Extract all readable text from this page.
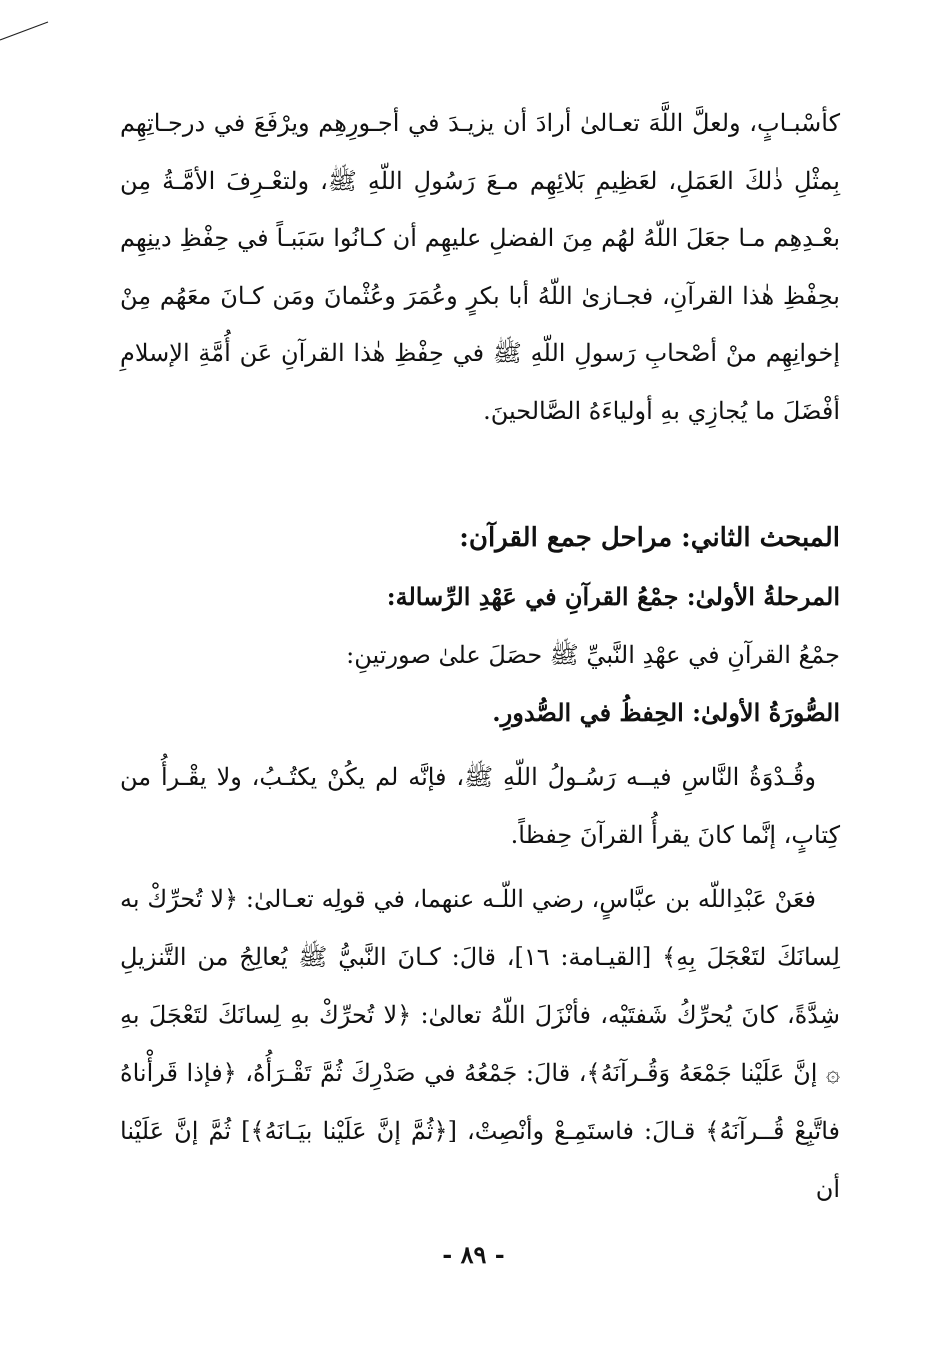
كأسْبـابٍ، ولعلَّ اللَّهَ تعـالىٰ أرادَ أن يزيـدَ في أجـورِهِم ويرْفَعَ في درجـاتِهِم بِمثْلِ ذٰلكَ العَمَلِ، لعَظِيمِ بَلائِهِم مـعَ رَسُولِ اللّهِ ﷺ، ولتعْـرِفَ الأمَّـةُ مِن بعْـدِهِم مـا جعَلَ اللّهُ لهُم مِنَ الفضلِ عليهِم أن كـانُوا سَبَبـاً في حِفْظِ دينِهِم بحِفْظِ هٰذا القرآنِ، فجـازىٰ اللّهُ أبا بكرٍ وعُمَرَ وعُثْمانَ ومَن كـانَ معَهُم مِنْ إخوانِهِم منْ أصْحابِ رَسولِ اللّهِ ﷺ في حِفْظِ هٰذا القرآنِ عَن أُمَّةِ الإسلامِ أفْضَلَ ما يُجازِي بهِ أولياءَهُ الصَّالحينَ.

المبحث الثاني: مراحل جمع القرآن:

المرحلةُ الأولىٰ: جمْعُ القرآنِ في عَهْدِ الرِّسالة:

جمْعُ القرآنِ في عهْدِ النَّبيِّ ﷺ حصَلَ علىٰ صورتينِ:

الصُّورَةُ الأولىٰ: الحِفظُ في الصُّدورِ.

وقُـدْوَةُ النَّاسِ فيــه رَسُـولُ اللّهِ ﷺ، فإنَّه لم يكُنْ يكتُـبُ، ولا يقْـرأُ من كِتابٍ، إنَّما كانَ يقرأُ القرآنَ حِفظاً.

فعَنْ عَبْدِاللّه بن عبَّاسٍ، رضي اللّـه عنهما، في قولِه تعـالىٰ: ﴿لا تُحرِّكْ به لِسانَكَ لتَعْجَلَ بِهِ﴾ [القيـامة: ١٦]، قالَ: كـانَ النَّبيُّ ﷺ يُعالِجُ من التَّنزيلِ شِدَّةً، كانَ يُحرِّكُ شَفتَيْه، فأنْزَلَ اللّهُ تعالىٰ: ﴿لا تُحرِّكْ بهِ لِسانَكَ لتَعْجَلَ بهِ ۞ إنَّ عَلَيْنا جَمْعَهُ وَقُـرآنَهُ﴾، قالَ: جَمْعُهُ في صَدْرِكَ ثُمَّ تَقْـرَأُهُ، ﴿فإذا قَرأْناهُ فاتَّبِعْ قُــرآنَهُ﴾ قـالَ: فاستَمِـعْ وأنْصِتْ، [﴿ثُمَّ إنَّ عَلَيْنا بيَـانَهُ﴾] ثُمَّ إنَّ عَلَيْنا أن

- ٨٩ -
